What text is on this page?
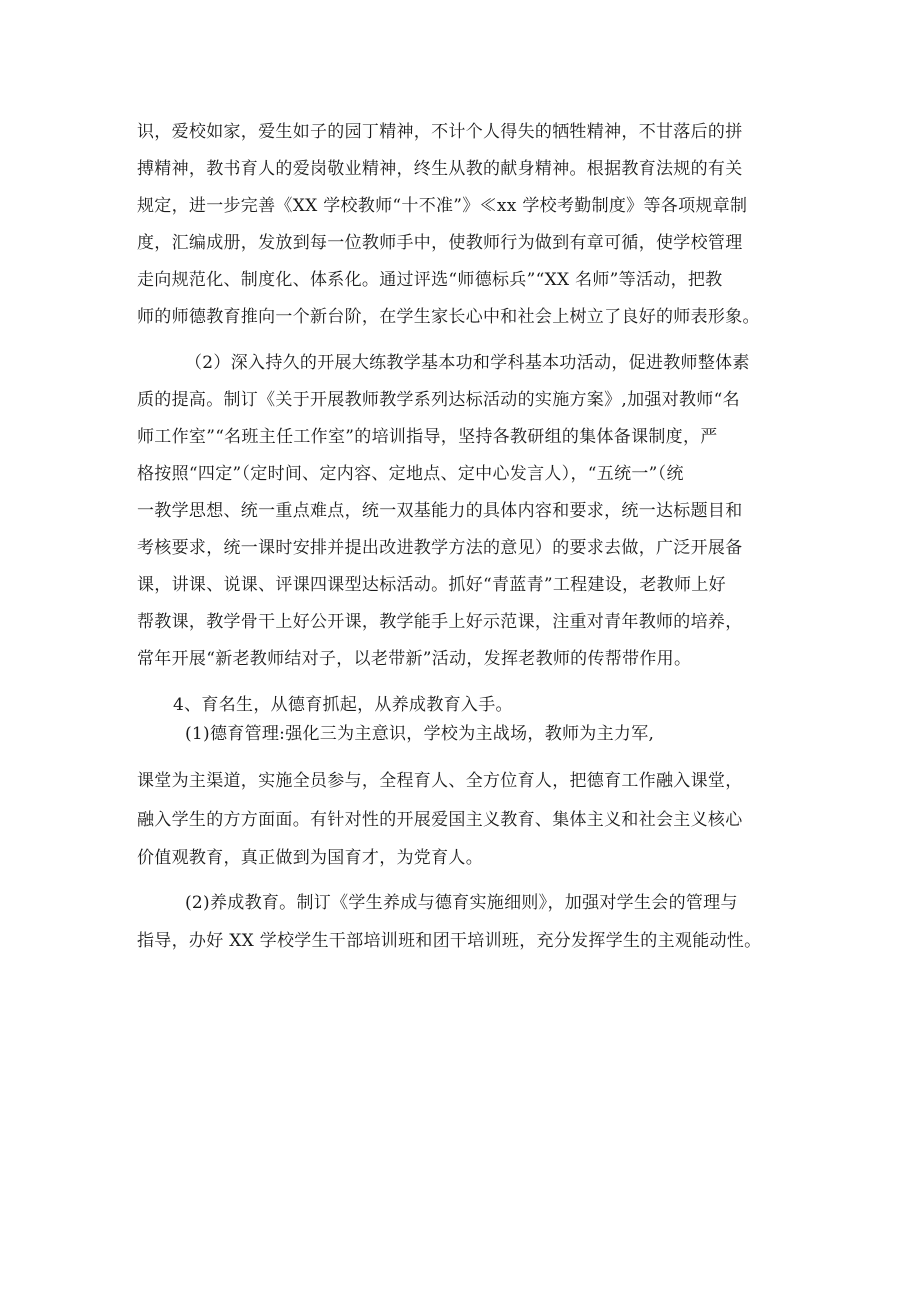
识，爱校如家，爱生如子的园丁精神，不计个人得失的牺牲精神，不甘落后的拼
搏精神，教书育人的爱岗敬业精神，终生从教的献身精神。根据教育法规的有关
规定，进一步完善《XX 学校教师“十不准”》≪xx 学校考勤制度》等各项规章制
度，汇编成册，发放到每一位教师手中，使教师行为做到有章可循，使学校管理
走向规范化、制度化、体系化。通过评选“师德标兵”“XX 名师”等活动，把教
师的师德教育推向一个新台阶，在学生家长心中和社会上树立了良好的师表形象。
（2）深入持久的开展大练教学基本功和学科基本功活动，促进教师整体素
质的提高。制订《关于开展教师教学系列达标活动的实施方案》,加强对教师“名
师工作室”“名班主任工作室”的培训指导，坚持各教研组的集体备课制度，严
格按照“四定”（定时间、定内容、定地点、定中心发言人），“五统一”（统
一教学思想、统一重点难点，统一双基能力的具体内容和要求，统一达标题目和
考核要求，统一课时安排并提出改进教学方法的意见）的要求去做，广泛开展备
课，讲课、说课、评课四课型达标活动。抓好“青蓝青”工程建设，老教师上好
帮教课，教学骨干上好公开课，教学能手上好示范课，注重对青年教师的培养，
常年开展“新老教师结对子，以老带新”活动，发挥老教师的传帮带作用。
4、育名生，从德育抓起，从养成教育入手。
(1)德育管理:强化三为主意识，学校为主战场，教师为主力军,
课堂为主渠道，实施全员参与，全程育人、全方位育人，把德育工作融入课堂，
融入学生的方方面面。有针对性的开展爱国主义教育、集体主义和社会主义核心
价值观教育，真正做到为国育才，为党育人。
(2)养成教育。制订《学生养成与德育实施细则》，加强对学生会的管理与
指导，办好 XX 学校学生干部培训班和团干培训班，充分发挥学生的主观能动性。
